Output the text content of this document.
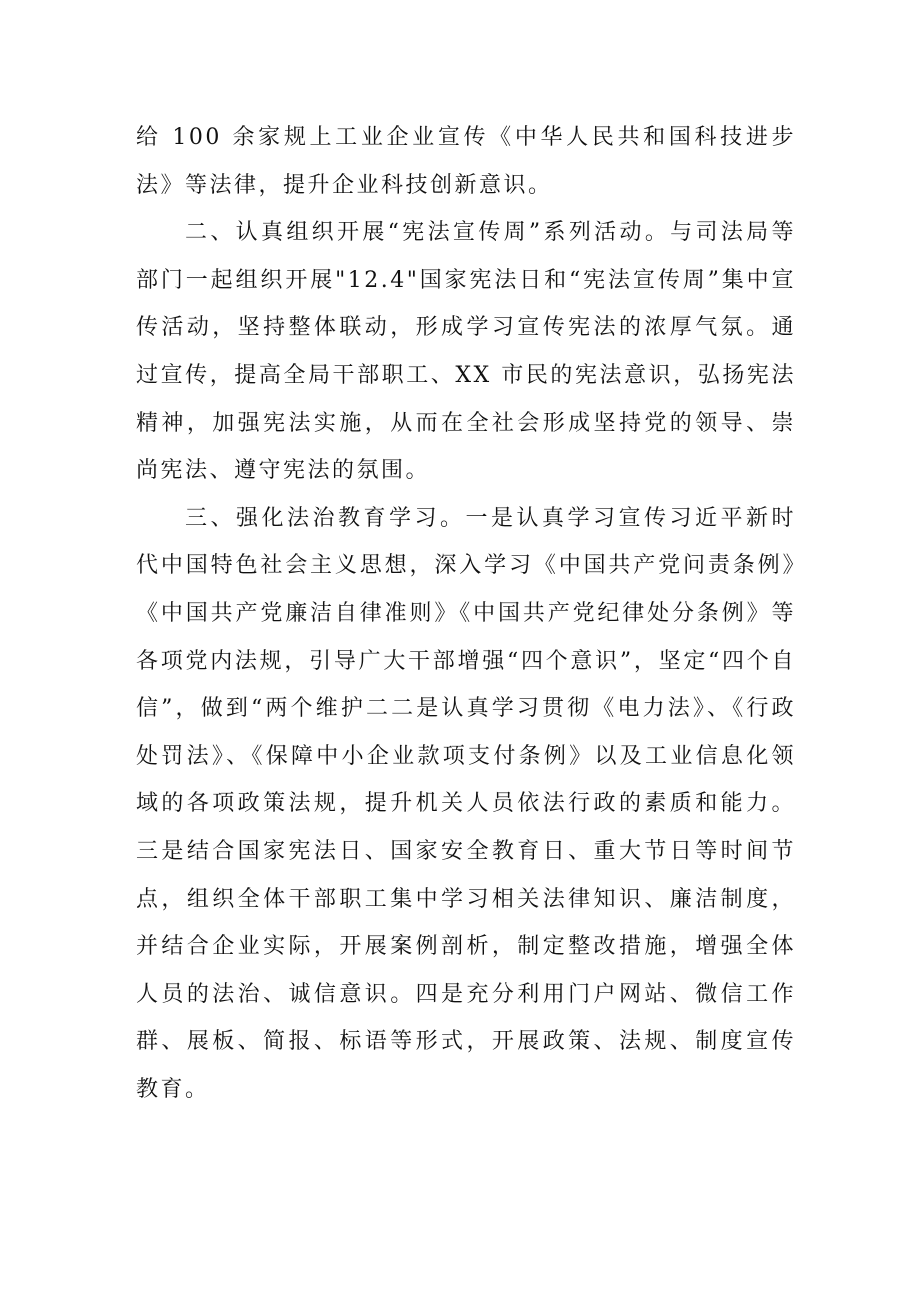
给 100 余家规上工业企业宣传《中华人民共和国科技进步法》等法律，提升企业科技创新意识。

二、认真组织开展“宪法宣传周”系列活动。与司法局等部门一起组织开展"12.4"国家宪法日和“宪法宣传周”集中宣传活动，坚持整体联动，形成学习宣传宪法的浓厚气氛。通过宣传，提高全局干部职工、XX 市民的宪法意识，弘扬宪法精神，加强宪法实施，从而在全社会形成坚持党的领导、崇尚宪法、遵守宪法的氛围。

三、强化法治教育学习。一是认真学习宣传习近平新时代中国特色社会主义思想，深入学习《中国共产党问责条例》《中国共产党廉洁自律准则》《中国共产党纪律处分条例》等各项党内法规，引导广大干部增强“四个意识”，坚定“四个自信”，做到“两个维护二二是认真学习贯彻《电力法》、《行政处罚法》、《保障中小企业款项支付条例》以及工业信息化领域的各项政策法规，提升机关人员依法行政的素质和能力。三是结合国家宪法日、国家安全教育日、重大节日等时间节点，组织全体干部职工集中学习相关法律知识、廉洁制度，并结合企业实际，开展案例剖析，制定整改措施，增强全体人员的法治、诚信意识。四是充分利用门户网站、微信工作群、展板、简报、标语等形式，开展政策、法规、制度宣传教育。
